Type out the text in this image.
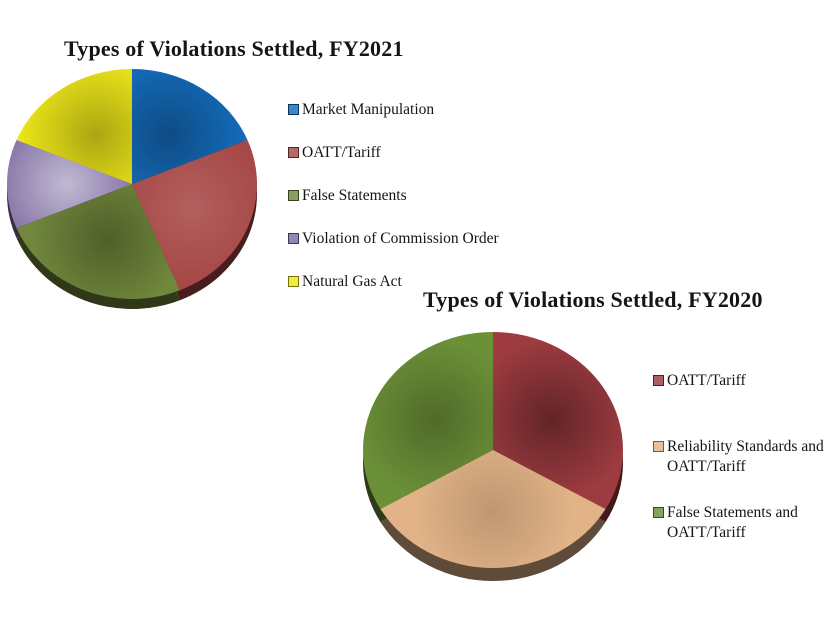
Types of Violations Settled, FY2021
Types of Violations Settled, FY2020
Market Manipulation
OATT/Tariff
False Statements
Violation of Commission Order
Natural Gas Act
OATT/Tariff
Reliability Standards and OATT/Tariff
False Statements and OATT/Tariff
